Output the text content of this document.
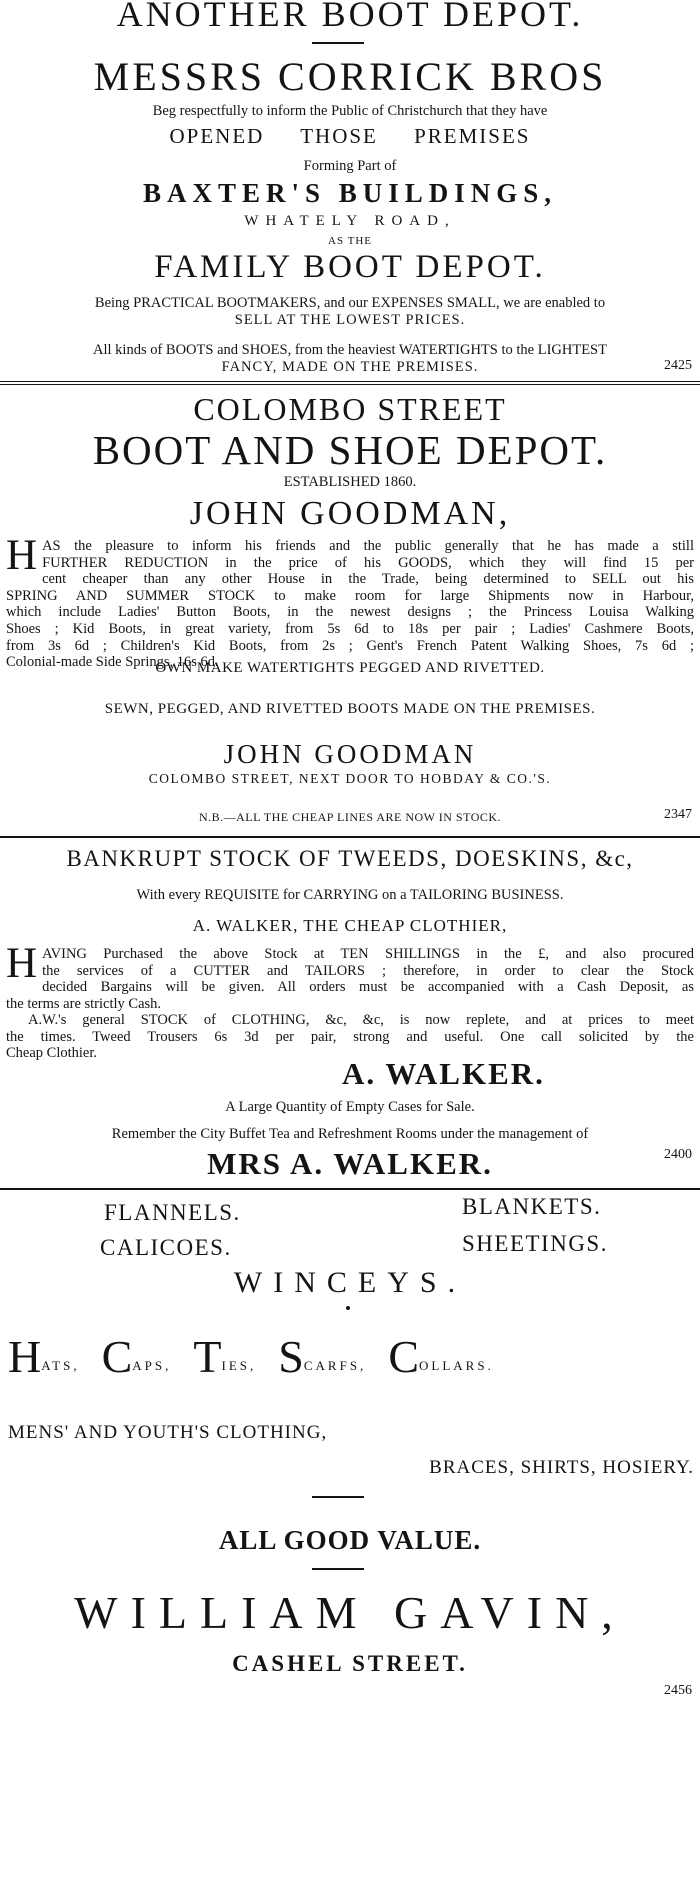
ANOTHER BOOT DEPOT.
MESSRS CORRICK BROS
Beg respectfully to inform the Public of Christchurch that they have
OPENED     THOSE     PREMISES
Forming Part of
BAXTER'S BUILDINGS,
WHATELY ROAD,
AS THE
FAMILY BOOT DEPOT.
Being PRACTICAL BOOTMAKERS, and our EXPENSES SMALL, we are enabled to
SELL AT THE LOWEST PRICES.
All kinds of BOOTS and SHOES, from the heaviest WATERTIGHTS to the LIGHTEST
FANCY, MADE ON THE PREMISES.	2425
COLOMBO STREET
BOOT AND SHOE DEPOT.
ESTABLISHED 1860.
JOHN GOODMAN,
H AS the pleasure to inform his friends and the public generally that he has made a still
FURTHER REDUCTION in the price of his GOODS, which they will find 15 per
cent cheaper than any other House in the Trade, being determined to SELL out his
SPRING AND SUMMER STOCK to make room for large Shipments now in Harbour,
which include Ladies' Button Boots, in the newest designs ; the Princess Louisa Walking
Shoes ; Kid Boots, in great variety, from 5s 6d to 18s per pair ; Ladies' Cashmere Boots,
from 3s 6d ; Children's Kid Boots, from 2s ; Gent's French Patent Walking Shoes, 7s 6d ;
Colonial-made Side Springs, 16s 6d.
OWN MAKE WATERTIGHTS PEGGED AND RIVETTED.
SEWN, PEGGED, AND RIVETTED BOOTS MADE ON THE PREMISES.
JOHN GOODMAN
COLOMBO STREET, NEXT DOOR TO HOBDAY & CO.'S.
N.B.—ALL THE CHEAP LINES ARE NOW IN STOCK.	2347
BANKRUPT STOCK OF TWEEDS, DOESKINS, &c,
With every REQUISITE for CARRYING on a TAILORING BUSINESS.
A. WALKER, THE CHEAP CLOTHIER,
H AVING Purchased the above Stock at TEN SHILLINGS in the £, and also procured
the services of a CUTTER and TAILORS ; therefore, in order to clear the Stock
decided Bargains will be given. All orders must be accompanied with a Cash Deposit, as
the terms are strictly Cash.
A.W.'s general STOCK of CLOTHING, &c, &c, is now replete, and at prices to meet
the times. Tweed Trousers 6s 3d per pair, strong and useful. One call solicited by the
Cheap Clothier.
A. WALKER.
A Large Quantity of Empty Cases for Sale.
Remember the City Buffet Tea and Refreshment Rooms under the management of
MRS A. WALKER.	2400
FLANNELS.	BLANKETS.
CALICOES.	SHEETINGS.
WINCEYS.
HATS, CAPS, TIES, SCARFS, COLLARS.
MENS' AND YOUTH'S CLOTHING,
BRACES, SHIRTS, HOSIERY.
ALL GOOD VALUE.
WILLIAM GAVIN,
CASHEL STREET.
2456
